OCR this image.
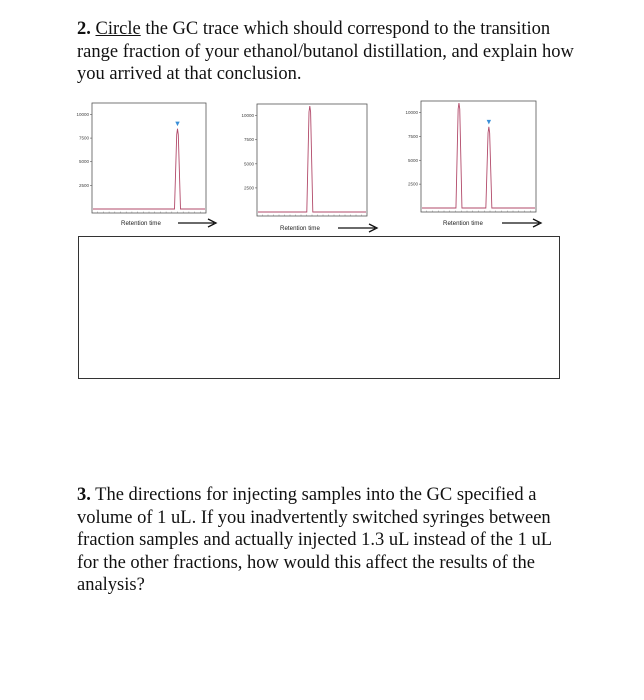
2. Circle the GC trace which should correspond to the transition range fraction of your ethanol/butanol distillation, and explain how you arrived at that conclusion.
10000
7500
5000
2500
Retention time
10000
7500
5000
2500
Retention time
10000
7500
5000
2500
Retention time
3. The directions for injecting samples into the GC specified a volume of 1 uL. If you inadvertently switched syringes between fraction samples and actually injected 1.3 uL instead of the 1 uL for the other fractions, how would this affect the results of the analysis?
